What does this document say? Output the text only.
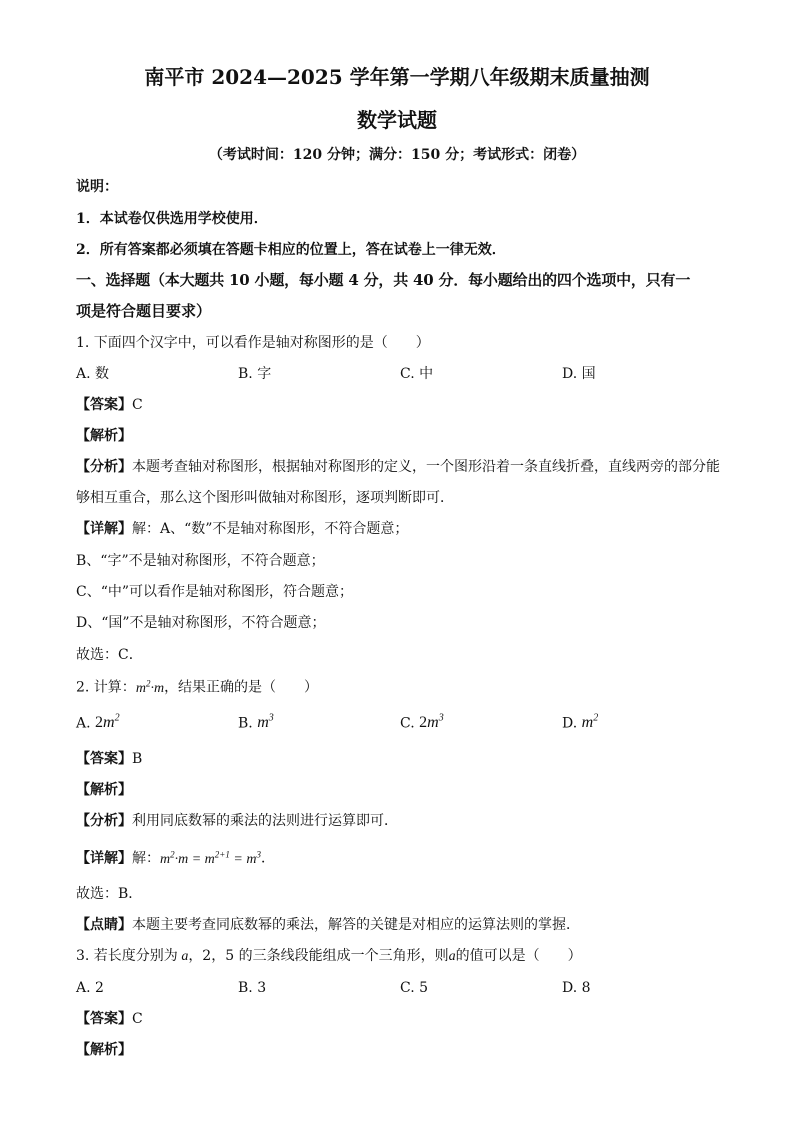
南平市 2024—2025 学年第一学期八年级期末质量抽测
数学试题
（考试时间：120 分钟；满分：150 分；考试形式：闭卷）
说明：
1．本试卷仅供选用学校使用．
2．所有答案都必须填在答题卡相应的位置上，答在试卷上一律无效．
一、选择题（本大题共 10 小题，每小题 4 分，共 40 分．每小题给出的四个选项中，只有一
项是符合题目要求）
1. 下面四个汉字中，可以看作是轴对称图形的是（　　）
A. 数	B. 字	C. 中	D. 国
【答案】C
【解析】
【分析】本题考查轴对称图形，根据轴对称图形的定义，一个图形沿着一条直线折叠，直线两旁的部分能
够相互重合，那么这个图形叫做轴对称图形，逐项判断即可．
【详解】解：A、“数”不是轴对称图形，不符合题意；
B、“字”不是轴对称图形，不符合题意；
C、“中”可以看作是轴对称图形，符合题意；
D、“国”不是轴对称图形，不符合题意；
故选：C．
2. 计算：$m^2\cdot m$，结果正确的是（　　）
A. $2m^2$	B. $m^3$	C. $2m^3$	D. $m^2$
【答案】B
【解析】
【分析】利用同底数幂的乘法的法则进行运算即可．
【详解】解：$m^2\cdot m = m^{2+1} = m^3$．
故选：B．
【点睛】本题主要考查同底数幂的乘法，解答的关键是对相应的运算法则的掌握．
3. 若长度分别为 a，2，5 的三条线段能组成一个三角形，则a的值可以是（　　）
A. 2	B. 3	C. 5	D. 8
【答案】C
【解析】
